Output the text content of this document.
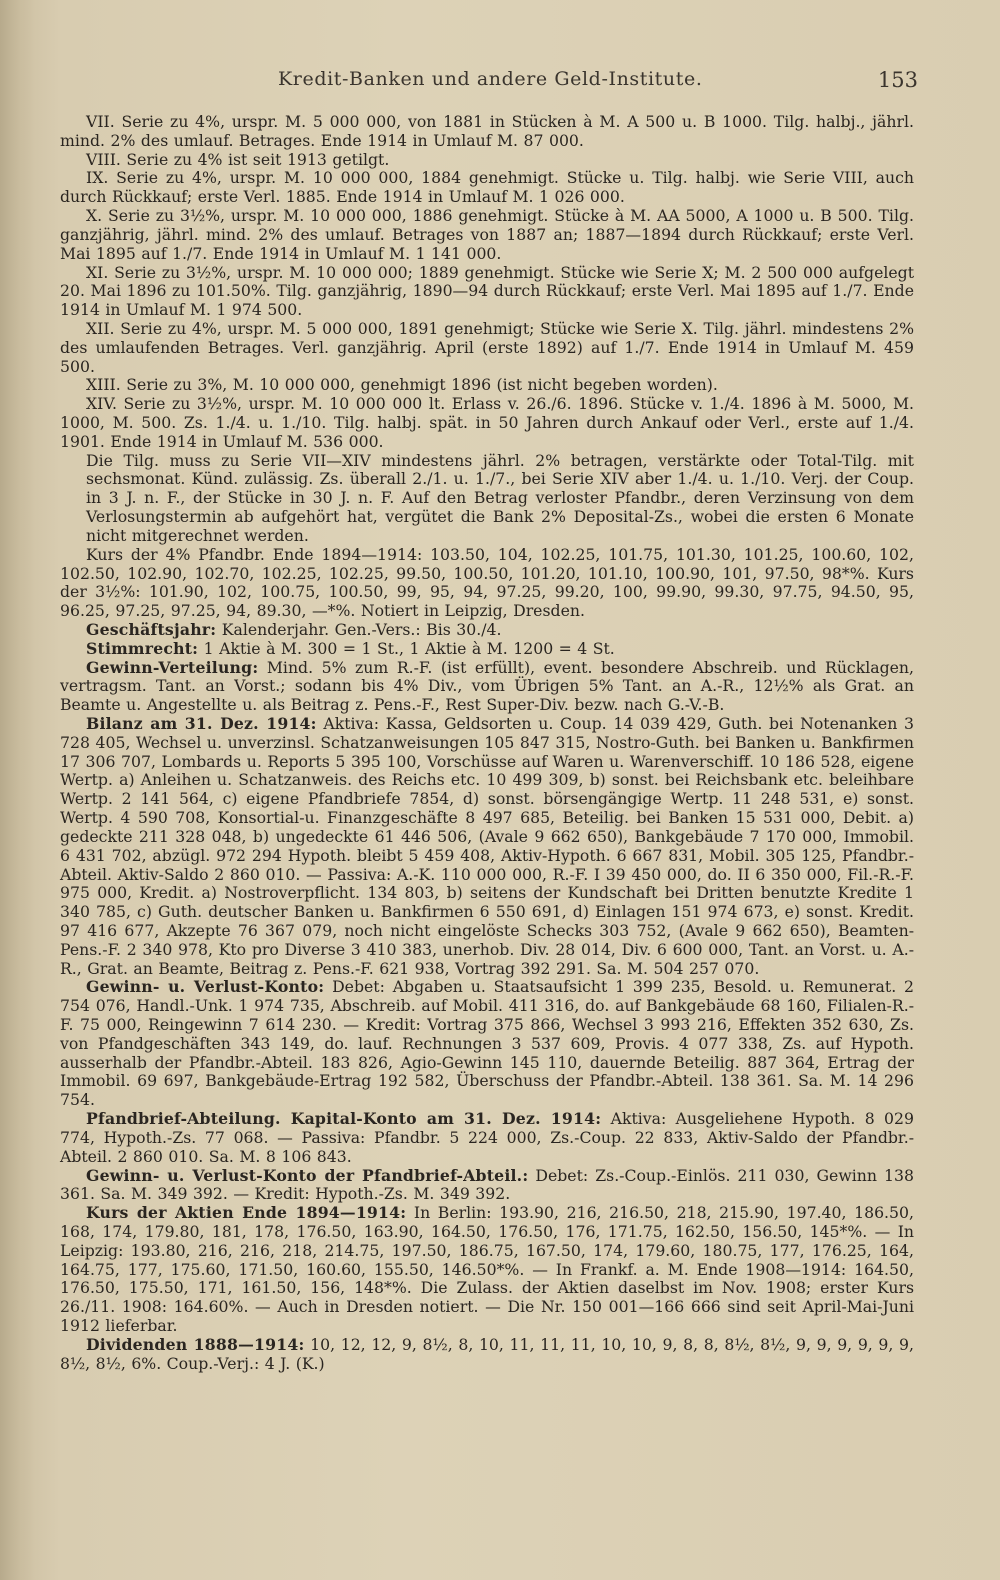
Kredit-Banken und andere Geld-Institute.	153

VII. Serie zu 4%, urspr. M. 5 000 000, von 1881 in Stücken à M. A 500 u. B 1000. Tilg. halbj., jährl. mind. 2% des umlauf. Betrages. Ende 1914 in Umlauf M. 87 000.

VIII. Serie zu 4% ist seit 1913 getilgt.

IX. Serie zu 4%, urspr. M. 10 000 000, 1884 genehmigt. Stücke u. Tilg. halbj. wie Serie VIII, auch durch Rückkauf; erste Verl. 1885. Ende 1914 in Umlauf M. 1 026 000.

X. Serie zu 3½%, urspr. M. 10 000 000, 1886 genehmigt. Stücke à M. AA 5000, A 1000 u. B 500. Tilg. ganzjährig, jährl. mind. 2% des umlauf. Betrages von 1887 an; 1887—1894 durch Rückkauf; erste Verl. Mai 1895 auf 1./7. Ende 1914 in Umlauf M. 1 141 000.

XI. Serie zu 3½%, urspr. M. 10 000 000; 1889 genehmigt. Stücke wie Serie X; M. 2 500 000 aufgelegt 20. Mai 1896 zu 101.50%. Tilg. ganzjährig, 1890—94 durch Rückkauf; erste Verl. Mai 1895 auf 1./7. Ende 1914 in Umlauf M. 1 974 500.

XII. Serie zu 4%, urspr. M. 5 000 000, 1891 genehmigt; Stücke wie Serie X. Tilg. jährl. mindestens 2% des umlaufenden Betrages. Verl. ganzjährig. April (erste 1892) auf 1./7. Ende 1914 in Umlauf M. 459 500.

XIII. Serie zu 3%, M. 10 000 000, genehmigt 1896 (ist nicht begeben worden).

XIV. Serie zu 3½%, urspr. M. 10 000 000 lt. Erlass v. 26./6. 1896. Stücke v. 1./4. 1896 à M. 5000, M. 1000, M. 500. Zs. 1./4. u. 1./10. Tilg. halbj. spät. in 50 Jahren durch Ankauf oder Verl., erste auf 1./4. 1901. Ende 1914 in Umlauf M. 536 000.

Die Tilg. muss zu Serie VII—XIV mindestens jährl. 2% betragen, verstärkte oder Total-Tilg. mit sechsmonat. Künd. zulässig. Zs. überall 2./1. u. 1./7., bei Serie XIV aber 1./4. u. 1./10. Verj. der Coup. in 3 J. n. F., der Stücke in 30 J. n. F. Auf den Betrag verloster Pfandbr., deren Verzinsung von dem Verlosungstermin ab aufgehört hat, vergütet die Bank 2% Deposital-Zs., wobei die ersten 6 Monate nicht mitgerechnet werden.

Kurs der 4% Pfandbr. Ende 1894—1914: 103.50, 104, 102.25, 101.75, 101.30, 101.25, 100.60, 102, 102.50, 102.90, 102.70, 102.25, 102.25, 99.50, 100.50, 101.20, 101.10, 100.90, 101, 97.50, 98*%. Kurs der 3½%: 101.90, 102, 100.75, 100.50, 99, 95, 94, 97.25, 99.20, 100, 99.90, 99.30, 97.75, 94.50, 95, 96.25, 97.25, 97.25, 94, 89.30, —*%. Notiert in Leipzig, Dresden.

Geschäftsjahr: Kalenderjahr. Gen.-Vers.: Bis 30./4.

Stimmrecht: 1 Aktie à M. 300 = 1 St., 1 Aktie à M. 1200 = 4 St.

Gewinn-Verteilung: Mind. 5% zum R.-F. (ist erfüllt), event. besondere Abschreib. und Rücklagen, vertragsm. Tant. an Vorst.; sodann bis 4% Div., vom Übrigen 5% Tant. an A.-R., 12½% als Grat. an Beamte u. Angestellte u. als Beitrag z. Pens.-F., Rest Super-Div. bezw. nach G.-V.-B.

Bilanz am 31. Dez. 1914: Aktiva: Kassa, Geldsorten u. Coup. 14 039 429, Guth. bei Notenanken 3 728 405, Wechsel u. unverzinsl. Schatzanweisungen 105 847 315, Nostro-Guth. bei Banken u. Bankfirmen 17 306 707, Lombards u. Reports 5 395 100, Vorschüsse auf Waren u. Warenverschiff. 10 186 528, eigene Wertp. a) Anleihen u. Schatzanweis. des Reichs etc. 10 499 309, b) sonst. bei Reichsbank etc. beleihbare Wertp. 2 141 564, c) eigene Pfandbriefe 7854, d) sonst. börsengängige Wertp. 11 248 531, e) sonst. Wertp. 4 590 708, Konsortial-u. Finanzgeschäfte 8 497 685, Beteilig. bei Banken 15 531 000, Debit. a) gedeckte 211 328 048, b) ungedeckte 61 446 506, (Avale 9 662 650), Bankgebäude 7 170 000, Immobil. 6 431 702, abzügl. 972 294 Hypoth. bleibt 5 459 408, Aktiv-Hypoth. 6 667 831, Mobil. 305 125, Pfandbr.-Abteil. Aktiv-Saldo 2 860 010. — Passiva: A.-K. 110 000 000, R.-F. I 39 450 000, do. II 6 350 000, Fil.-R.-F. 975 000, Kredit. a) Nostroverpflicht. 134 803, b) seitens der Kundschaft bei Dritten benutzte Kredite 1 340 785, c) Guth. deutscher Banken u. Bankfirmen 6 550 691, d) Einlagen 151 974 673, e) sonst. Kredit. 97 416 677, Akzepte 76 367 079, noch nicht eingelöste Schecks 303 752, (Avale 9 662 650), Beamten-Pens.-F. 2 340 978, Kto pro Diverse 3 410 383, unerhob. Div. 28 014, Div. 6 600 000, Tant. an Vorst. u. A.-R., Grat. an Beamte, Beitrag z. Pens.-F. 621 938, Vortrag 392 291. Sa. M. 504 257 070.

Gewinn- u. Verlust-Konto: Debet: Abgaben u. Staatsaufsicht 1 399 235, Besold. u. Remunerat. 2 754 076, Handl.-Unk. 1 974 735, Abschreib. auf Mobil. 411 316, do. auf Bankgebäude 68 160, Filialen-R.-F. 75 000, Reingewinn 7 614 230. — Kredit: Vortrag 375 866, Wechsel 3 993 216, Effekten 352 630, Zs. von Pfandgeschäften 343 149, do. lauf. Rechnungen 3 537 609, Provis. 4 077 338, Zs. auf Hypoth. ausserhalb der Pfandbr.-Abteil. 183 826, Agio-Gewinn 145 110, dauernde Beteilig. 887 364, Ertrag der Immobil. 69 697, Bankgebäude-Ertrag 192 582, Überschuss der Pfandbr.-Abteil. 138 361. Sa. M. 14 296 754.

Pfandbrief-Abteilung. Kapital-Konto am 31. Dez. 1914: Aktiva: Ausgeliehene Hypoth. 8 029 774, Hypoth.-Zs. 77 068. — Passiva: Pfandbr. 5 224 000, Zs.-Coup. 22 833, Aktiv-Saldo der Pfandbr.-Abteil. 2 860 010. Sa. M. 8 106 843.

Gewinn- u. Verlust-Konto der Pfandbrief-Abteil.: Debet: Zs.-Coup.-Einlös. 211 030, Gewinn 138 361. Sa. M. 349 392. — Kredit: Hypoth.-Zs. M. 349 392.

Kurs der Aktien Ende 1894—1914: In Berlin: 193.90, 216, 216.50, 218, 215.90, 197.40, 186.50, 168, 174, 179.80, 181, 178, 176.50, 163.90, 164.50, 176.50, 176, 171.75, 162.50, 156.50, 145*%. — In Leipzig: 193.80, 216, 216, 218, 214.75, 197.50, 186.75, 167.50, 174, 179.60, 180.75, 177, 176.25, 164, 164.75, 177, 175.60, 171.50, 160.60, 155.50, 146.50*%. — In Frankf. a. M. Ende 1908—1914: 164.50, 176.50, 175.50, 171, 161.50, 156, 148*%. Die Zulass. der Aktien daselbst im Nov. 1908; erster Kurs 26./11. 1908: 164.60%. — Auch in Dresden notiert. — Die Nr. 150 001—166 666 sind seit April-Mai-Juni 1912 lieferbar.

Dividenden 1888—1914: 10, 12, 12, 9, 8½, 8, 10, 11, 11, 11, 10, 10, 9, 8, 8, 8½, 8½, 9, 9, 9, 9, 9, 9, 8½, 8½, 6%. Coup.-Verj.: 4 J. (K.)
